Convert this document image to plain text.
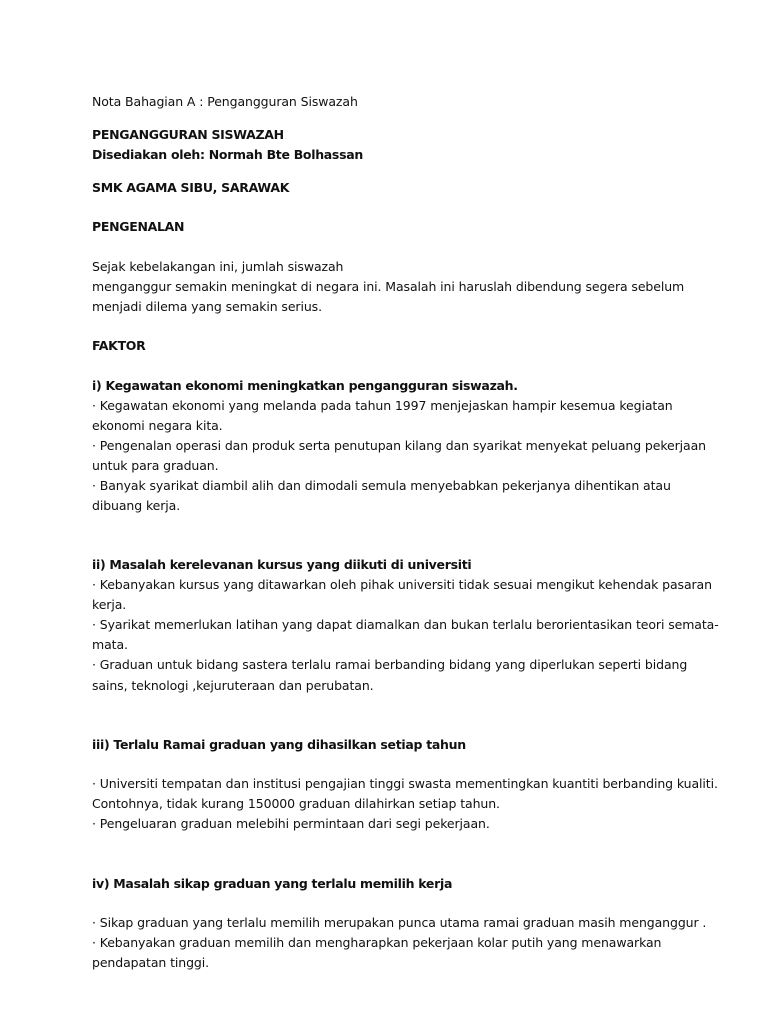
Nota Bahagian A : Pengangguran Siswazah
PENGANGGURAN SISWAZAH
Disediakan oleh: Normah Bte Bolhassan
SMK AGAMA SIBU, SARAWAK
PENGENALAN
Sejak kebelakangan ini, jumlah siswazah
menganggur semakin meningkat di negara ini. Masalah ini haruslah dibendung segera sebelum
menjadi dilema yang semakin serius.
FAKTOR
i) Kegawatan ekonomi meningkatkan pengangguran siswazah.
· Kegawatan ekonomi yang melanda pada tahun 1997 menjejaskan hampir kesemua kegiatan
ekonomi negara kita.
· Pengenalan operasi dan produk serta penutupan kilang dan syarikat menyekat peluang pekerjaan
untuk para graduan.
· Banyak syarikat diambil alih dan dimodali semula menyebabkan pekerjanya dihentikan atau
dibuang kerja.
ii) Masalah kerelevanan kursus yang diikuti di universiti
· Kebanyakan kursus yang ditawarkan oleh pihak universiti tidak sesuai mengikut kehendak pasaran
kerja.
· Syarikat memerlukan latihan yang dapat diamalkan dan bukan terlalu berorientasikan teori semata-
mata.
· Graduan untuk bidang sastera terlalu ramai berbanding bidang yang diperlukan seperti bidang
sains, teknologi ,kejuruteraan dan perubatan.
iii) Terlalu Ramai graduan yang dihasilkan setiap tahun
· Universiti tempatan dan institusi pengajian tinggi swasta mementingkan kuantiti berbanding kualiti.
Contohnya, tidak kurang 150000 graduan dilahirkan setiap tahun.
· Pengeluaran graduan melebihi permintaan dari segi pekerjaan.
iv) Masalah sikap graduan yang terlalu memilih kerja
· Sikap graduan yang terlalu memilih merupakan punca utama ramai graduan masih menganggur .
· Kebanyakan graduan memilih dan mengharapkan pekerjaan kolar putih yang menawarkan
pendapatan tinggi.
